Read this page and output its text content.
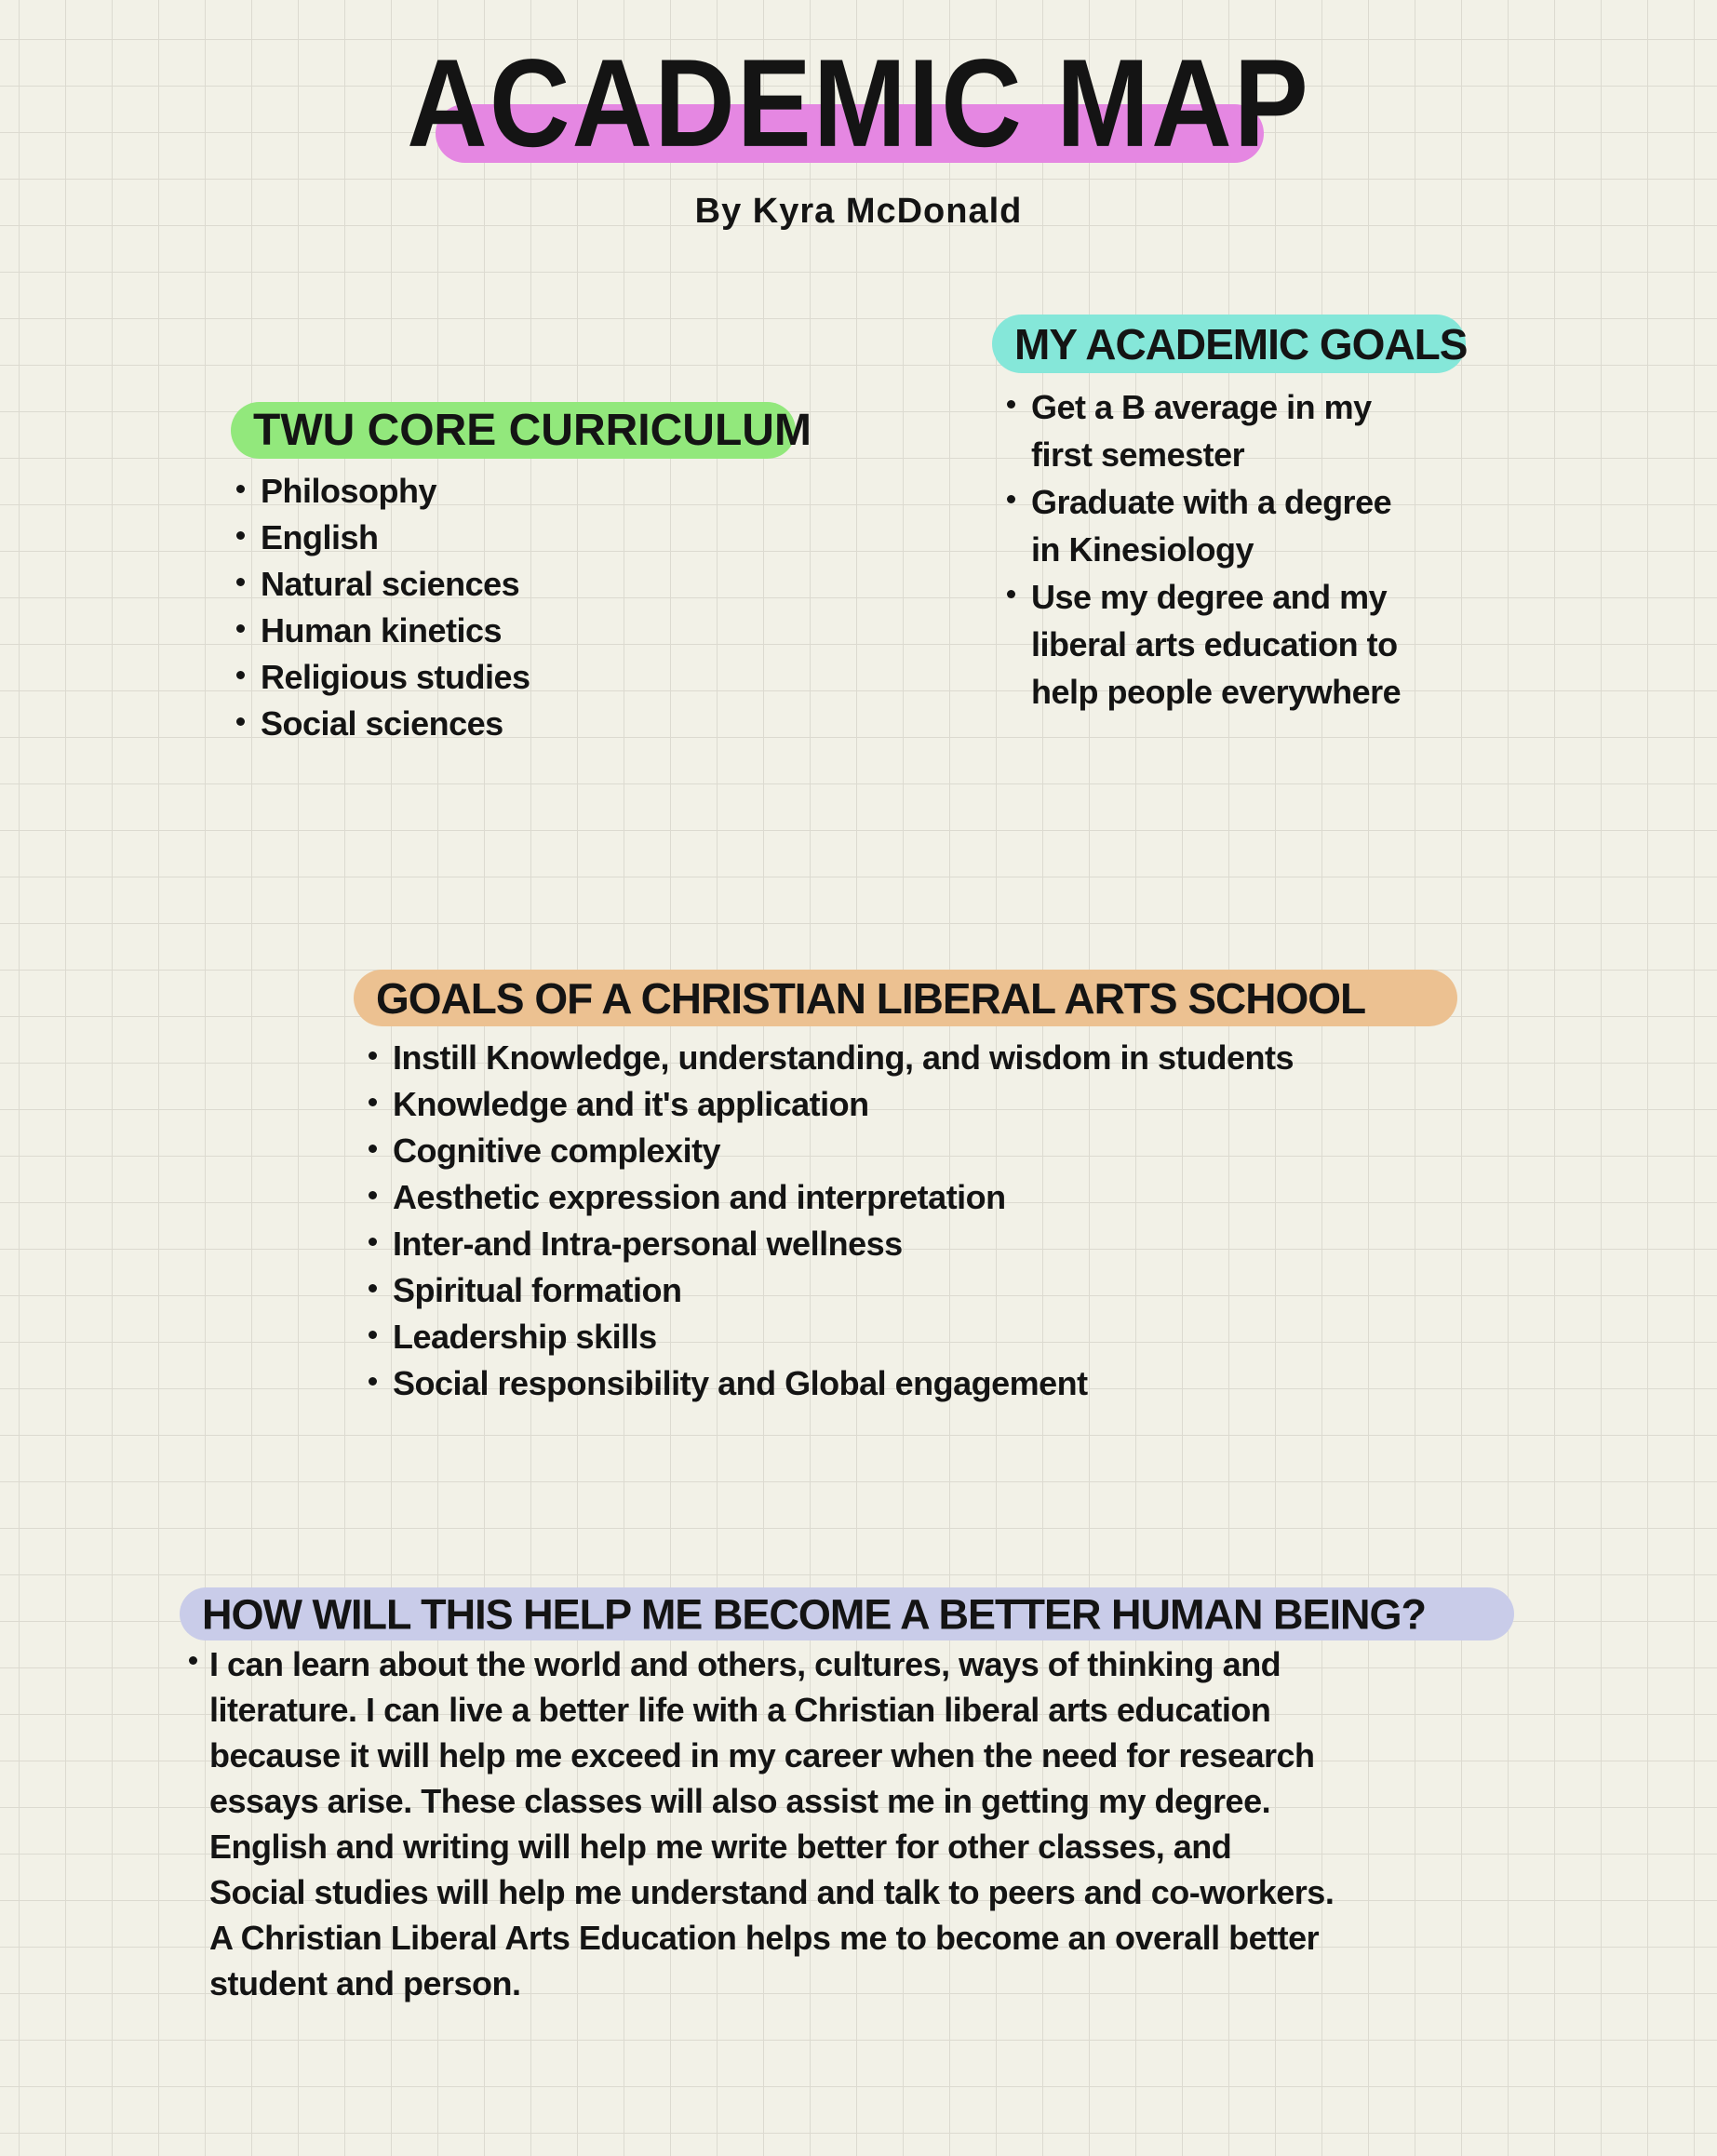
ACADEMIC MAP
By Kyra McDonald
TWU CORE CURRICULUM
Philosophy
English
Natural sciences
Human kinetics
Religious studies
Social sciences
MY ACADEMIC GOALS
Get a B average in my
first semester
Graduate with a degree
in Kinesiology
Use my degree and my
liberal arts education to
help people everywhere
GOALS OF A CHRISTIAN LIBERAL ARTS SCHOOL
Instill Knowledge, understanding, and wisdom in students
Knowledge and it's application
Cognitive complexity
Aesthetic expression and interpretation
Inter-and Intra-personal wellness
Spiritual formation
Leadership skills
Social responsibility and Global engagement
HOW WILL THIS HELP ME BECOME A BETTER HUMAN BEING?
I can learn about the world and others, cultures, ways of thinking and
literature. I can live a better life with a Christian liberal arts education
because it will help me exceed in my career when the need for research
essays arise. These classes will also assist me in getting my degree.
English and writing will help me write better for other classes, and
Social studies will help me understand and talk to peers and co-workers.
A Christian Liberal Arts Education helps me to become an overall better
student and person.
